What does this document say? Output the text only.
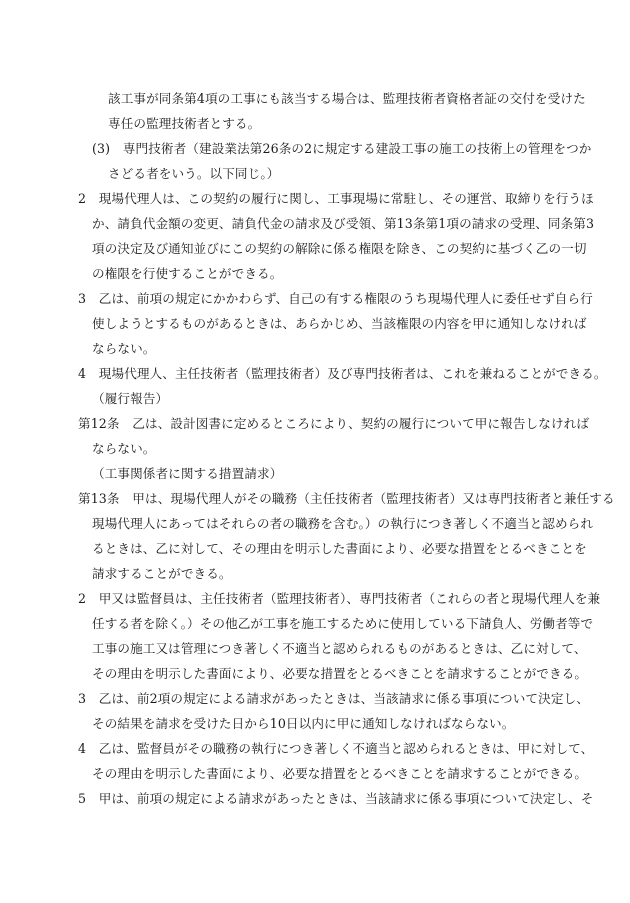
該工事が同条第4項の工事にも該当する場合は、監理技術者資格者証の交付を受けた
専任の監理技術者とする。
(3)　専門技術者（建設業法第26条の2に規定する建設工事の施工の技術上の管理をつか
さどる者をいう。以下同じ。）
2　現場代理人は、この契約の履行に関し、工事現場に常駐し、その運営、取締りを行うほ
か、請負代金額の変更、請負代金の請求及び受領、第13条第1項の請求の受理、同条第3
項の決定及び通知並びにこの契約の解除に係る権限を除き、この契約に基づく乙の一切
の権限を行使することができる。
3　乙は、前項の規定にかかわらず、自己の有する権限のうち現場代理人に委任せず自ら行
使しようとするものがあるときは、あらかじめ、当該権限の内容を甲に通知しなければ
ならない。
4　現場代理人、主任技術者（監理技術者）及び専門技術者は、これを兼ねることができる。
（履行報告）
第12条　乙は、設計図書に定めるところにより、契約の履行について甲に報告しなければ
ならない。
（工事関係者に関する措置請求）
第13条　甲は、現場代理人がその職務（主任技術者（監理技術者）又は専門技術者と兼任する
現場代理人にあってはそれらの者の職務を含む。）の執行につき著しく不適当と認められ
るときは、乙に対して、その理由を明示した書面により、必要な措置をとるべきことを
請求することができる。
2　甲又は監督員は、主任技術者（監理技術者）、専門技術者（これらの者と現場代理人を兼
任する者を除く。）その他乙が工事を施工するために使用している下請負人、労働者等で
工事の施工又は管理につき著しく不適当と認められるものがあるときは、乙に対して、
その理由を明示した書面により、必要な措置をとるべきことを請求することができる。
3　乙は、前2項の規定による請求があったときは、当該請求に係る事項について決定し、
その結果を請求を受けた日から10日以内に甲に通知しなければならない。
4　乙は、監督員がその職務の執行につき著しく不適当と認められるときは、甲に対して、
その理由を明示した書面により、必要な措置をとるべきことを請求することができる。
5　甲は、前項の規定による請求があったときは、当該請求に係る事項について決定し、そ
